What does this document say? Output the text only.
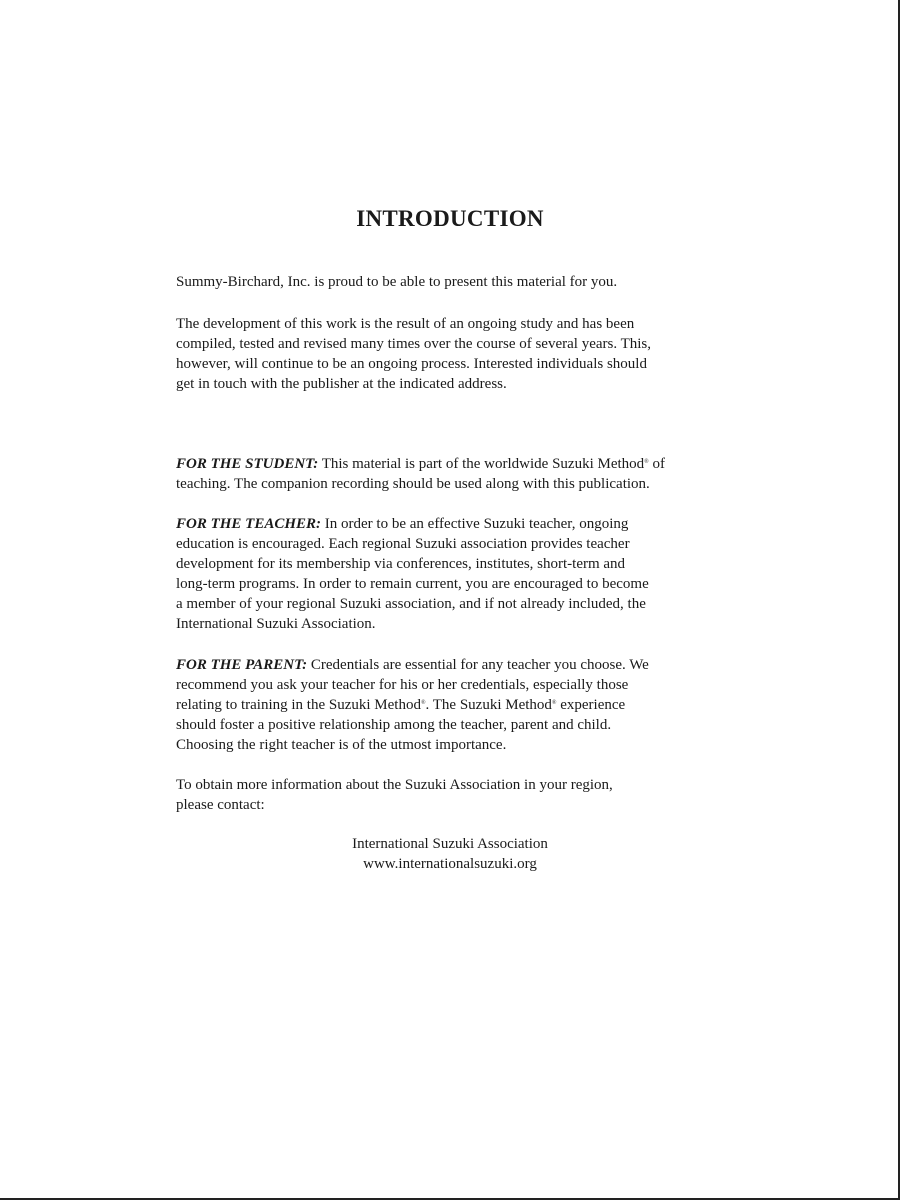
INTRODUCTION

Summy-Birchard, Inc. is proud to be able to present this material for you.

The development of this work is the result of an ongoing study and has been
compiled, tested and revised many times over the course of several years. This,
however, will continue to be an ongoing process. Interested individuals should
get in touch with the publisher at the indicated address.
FOR THE STUDENT: This material is part of the worldwide Suzuki Method® of
teaching. The companion recording should be used along with this publication.
FOR THE TEACHER: In order to be an effective Suzuki teacher, ongoing
education is encouraged. Each regional Suzuki association provides teacher
development for its membership via conferences, institutes, short-term and
long-term programs. In order to remain current, you are encouraged to become
a member of your regional Suzuki association, and if not already included, the
International Suzuki Association.
FOR THE PARENT: Credentials are essential for any teacher you choose. We
recommend you ask your teacher for his or her credentials, especially those
relating to training in the Suzuki Method®. The Suzuki Method® experience
should foster a positive relationship among the teacher, parent and child.
Choosing the right teacher is of the utmost importance.
To obtain more information about the Suzuki Association in your region,
please contact:
International Suzuki Association
www.internationalsuzuki.org
